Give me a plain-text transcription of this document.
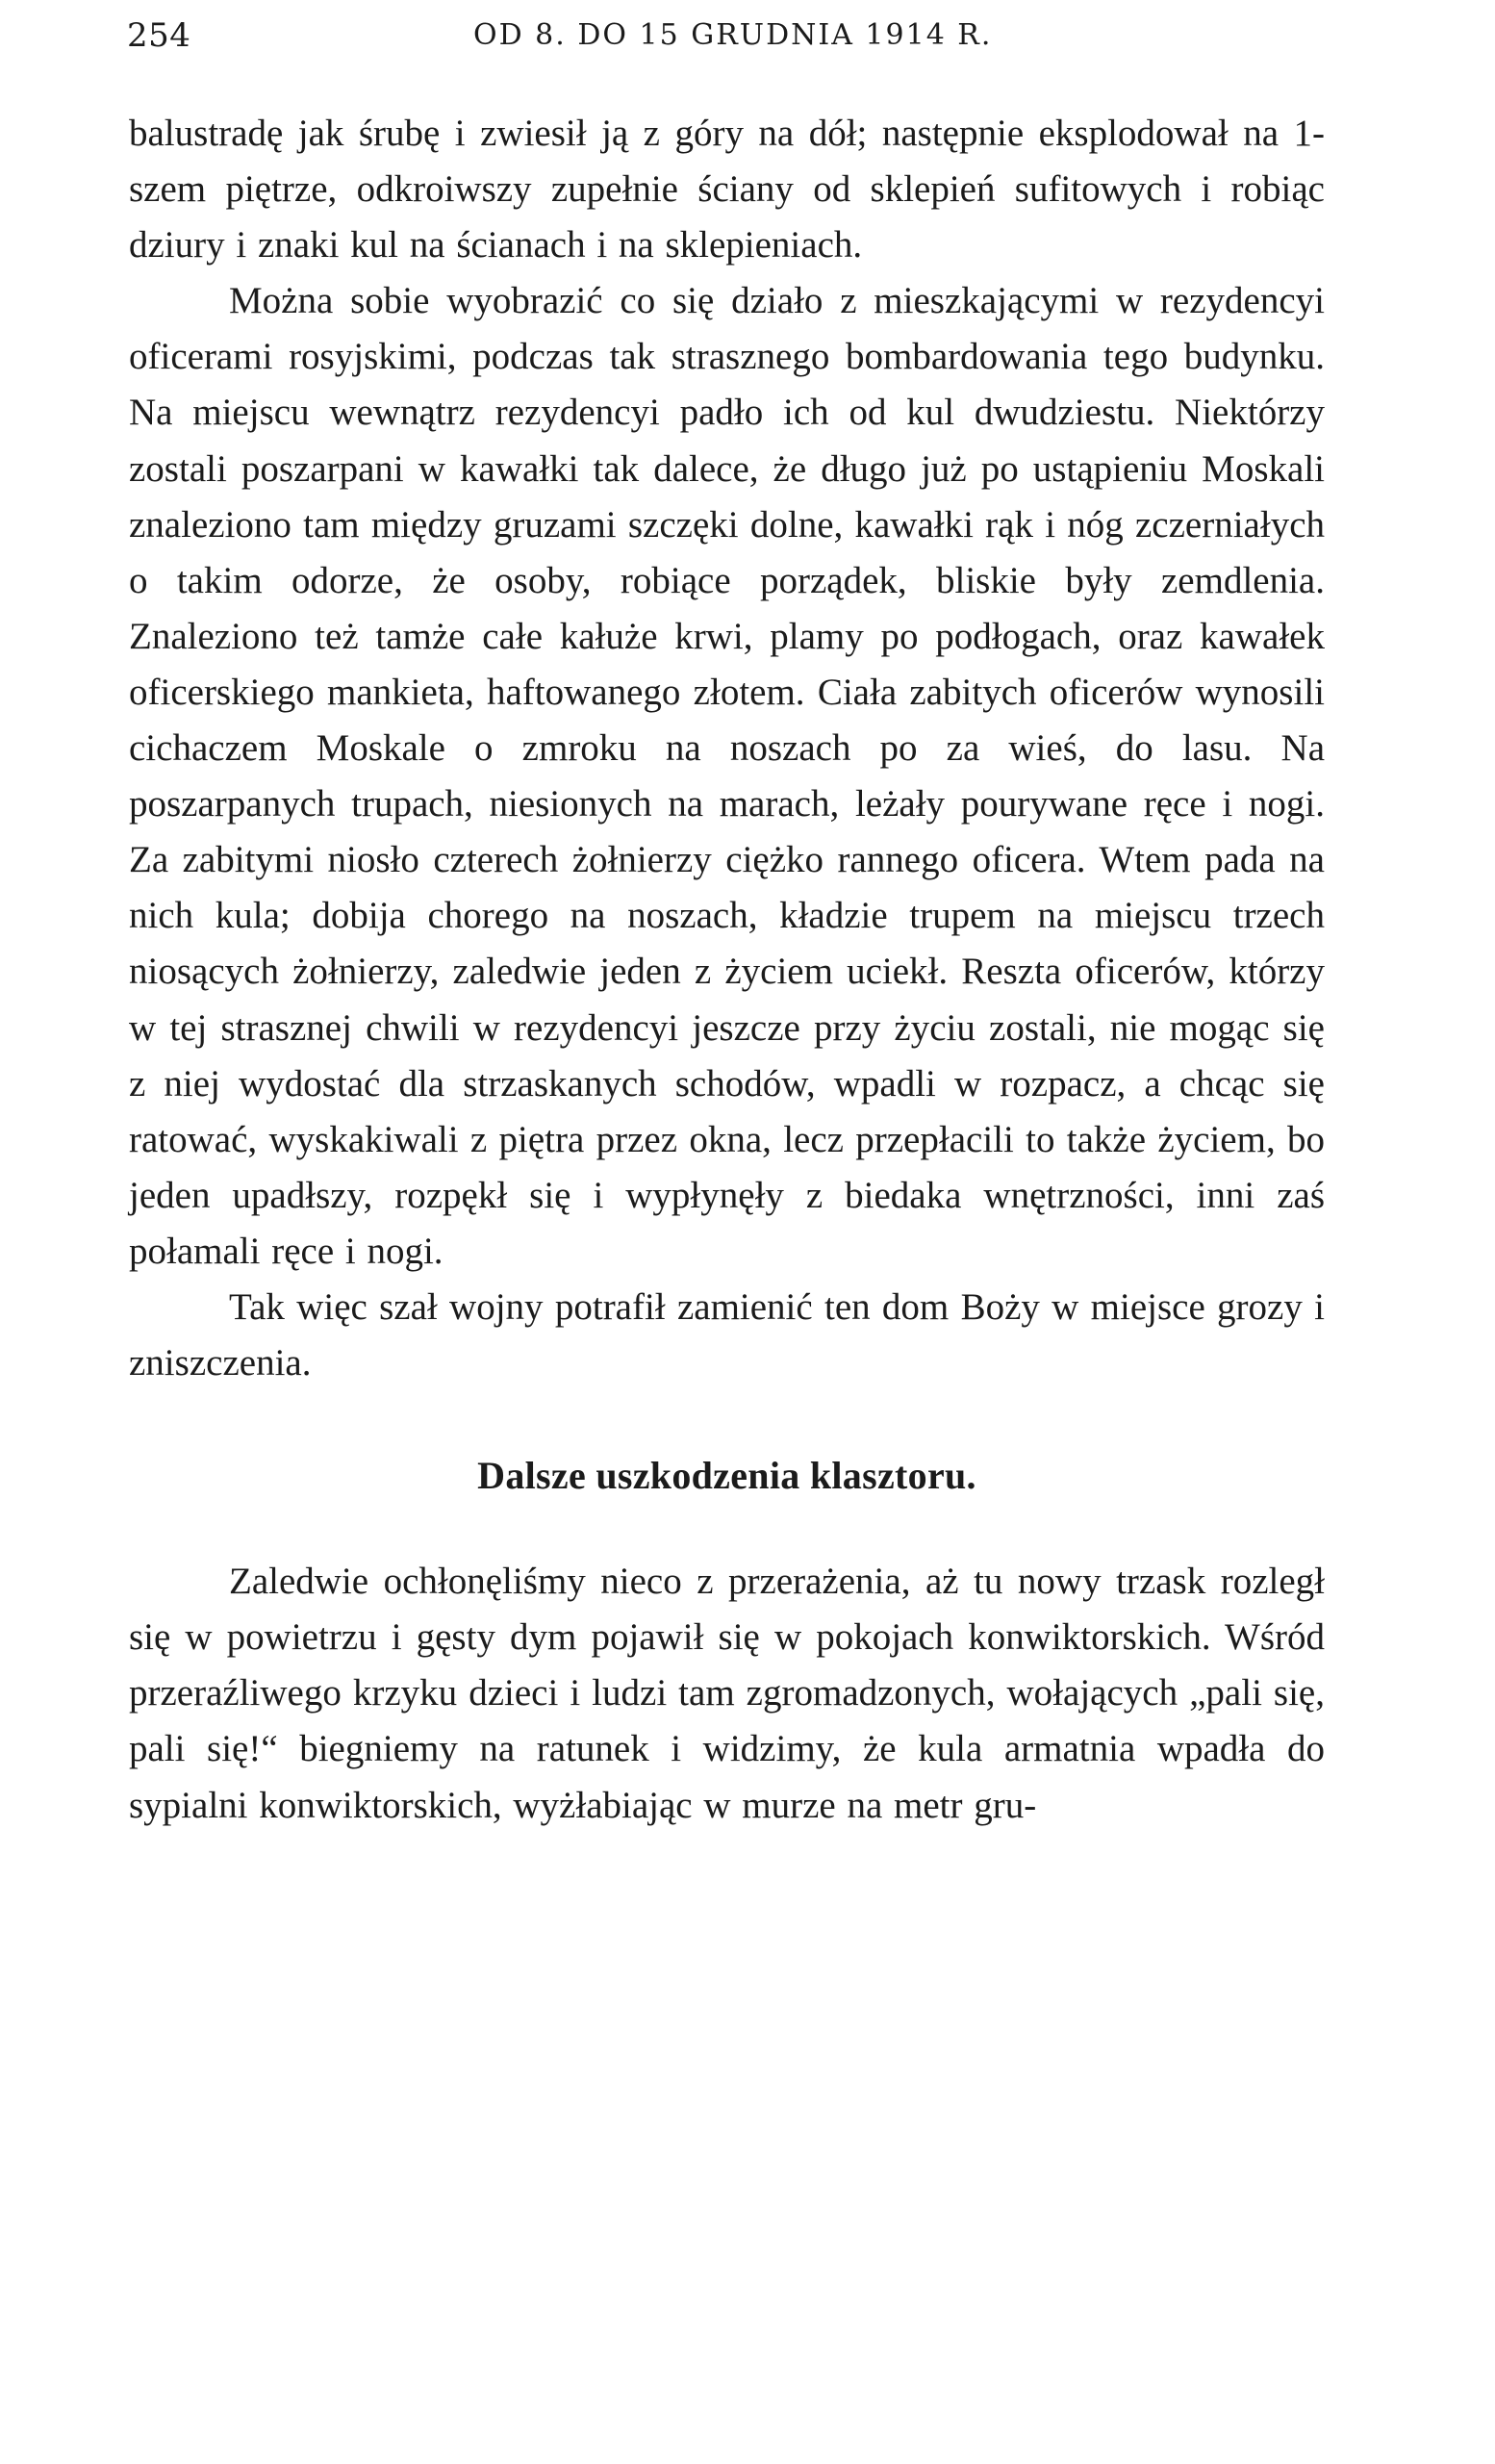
254	OD 8. DO 15 GRUDNIA 1914 R.

balustradę jak śrubę i zwiesił ją z góry na dół; następnie eksplodował na 1-szem piętrze, odkroiwszy zupełnie ściany od sklepień sufitowych i robiąc dziury i znaki kul na ścianach i na sklepieniach.

Można sobie wyobrazić co się działo z mieszkającymi w rezydencyi oficerami rosyjskimi, podczas tak strasznego bombardowania tego budynku. Na miejscu wewnątrz rezydencyi padło ich od kul dwudziestu. Niektórzy zostali poszarpani w kawałki tak dalece, że długo już po ustąpieniu Moskali znaleziono tam między gruzami szczęki dolne, kawałki rąk i nóg zczerniałych o takim odorze, że osoby, robiące porządek, bliskie były zemdlenia. Znaleziono też tamże całe kałuże krwi, plamy po podłogach, oraz kawałek oficerskiego mankieta, haftowanego złotem. Ciała zabitych oficerów wynosili cichaczem Moskale o zmroku na noszach po za wieś, do lasu. Na poszarpanych trupach, niesionych na marach, leżały pourywane ręce i nogi. Za zabitymi niosło czterech żołnierzy ciężko rannego oficera. Wtem pada na nich kula; dobija chorego na noszach, kładzie trupem na miejscu trzech niosących żołnierzy, zaledwie jeden z życiem uciekł. Reszta oficerów, którzy w tej strasznej chwili w rezydencyi jeszcze przy życiu zostali, nie mogąc się z niej wydostać dla strzaskanych schodów, wpadli w rozpacz, a chcąc się ratować, wyskakiwali z piętra przez okna, lecz przepłacili to także życiem, bo jeden upadłszy, rozpękł się i wypłynęły z biedaka wnętrzności, inni zaś połamali ręce i nogi.

Tak więc szał wojny potrafił zamienić ten dom Boży w miejsce grozy i zniszczenia.

Dalsze uszkodzenia klasztoru.

Zaledwie ochłonęliśmy nieco z przerażenia, aż tu nowy trzask rozległ się w powietrzu i gęsty dym pojawił się w pokojach konwiktorskich. Wśród przeraźliwego krzyku dzieci i ludzi tam zgromadzonych, wołających „pali się, pali się!“ biegniemy na ratunek i widzimy, że kula armatnia wpadła do sypialni konwiktorskich, wyżłabiając w murze na metr gru-
